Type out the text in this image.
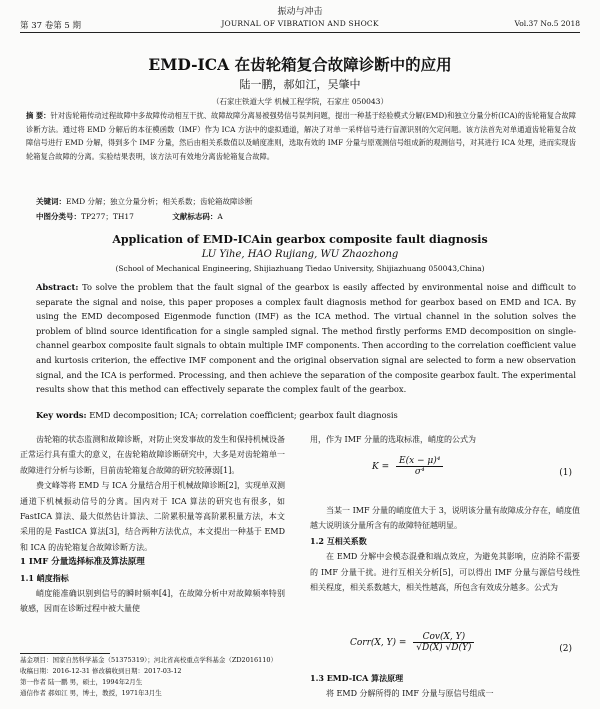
振动与冲击
第 37 卷第 5 期	JOURNAL OF VIBRATION AND SHOCK	Vol.37 No.5 2018
EMD-ICA 在齿轮箱复合故障诊断中的应用
陆一鹏，郝如江，吴肇中
（石家庄铁道大学 机械工程学院，石家庄 050043）
摘 要：针对齿轮箱传动过程故障中多故障传动相互干扰、故障故障分离易被强势信号误判问题，提出一种基于经验模式分解(EMD)和独立分量分析(ICA)的齿轮箱复合故障诊断方法。通过将 EMD 分解后的本征模函数（IMF）作为 ICA 方法中的虚拟通道，解决了对单一采样信号进行盲源识别的欠定问题。该方法首先对单通道齿轮箱复合故障信号进行 EMD 分解，得到多个 IMF 分量，然后由相关系数值以及峭度准则，选取有效的 IMF 分量与原观测信号组成新的观测信号，对其进行 ICA 处理，进而实现齿轮箱复合故障的分离。实验结果表明，该方法可有效地分离齿轮箱复合故障。
关键词：EMD 分解；独立分量分析；相关系数；齿轮箱故障诊断
中图分类号：TP277；TH17	文献标志码：A
Application of EMD-ICAin gearbox composite fault diagnosis
LU Yihe, HAO Rujiang, WU Zhaozhong
(School of Mechanical Engineering, Shijiazhuang Tiedao University, Shijiazhuang 050043,China)
Abstract: To solve the problem that the fault signal of the gearbox is easily affected by environmental noise and difficult to separate the signal and noise, this paper proposes a complex fault diagnosis method for gearbox based on EMD and ICA. By using the EMD decomposed Eigenmode function (IMF) as the ICA method. The virtual channel in the solution solves the problem of blind source identification for a single sampled signal. The method firstly performs EMD decomposition on single-channel gearbox composite fault signals to obtain multiple IMF components. Then according to the correlation coefficient value and kurtosis criterion, the effective IMF component and the original observation signal are selected to form a new observation signal, and the ICA is performed. Processing, and then achieve the separation of the composite gearbox fault. The experimental results show that this method can effectively separate the complex fault of the gearbox.
Key words: EMD decomposition; ICA; correlation coefficient; gearbox fault diagnosis

齿轮箱的状态监测和故障诊断，对防止突发事故的发生和保持机械设备正常运行具有重大的意义，在齿轮箱故障诊断研究中，大多是对齿轮箱单一故障进行分析与诊断，目前齿轮箱复合故障的研究较薄弱[1]。

费文峰等将 EMD 与 ICA 分量结合用于机械故障诊断[2]，实现单双测通道下机械振动信号的分离。国内对于 ICA 算法的研究也有很多，如 FastICA 算法、最大似然估计算法、二阶累积量等高阶累积量方法，本文采用的是 FastICA 算法[3]，结合两种方法优点，本文提出一种基于 EMD 和 ICA 的齿轮箱复合故障诊断方法。

1 IMF 分量选择标准及算法原理
1.1 峭度指标

峭度能准确识别到信号的瞬时频率[4]，在故障分析中对故障频率特别敏感，因而在诊断过程中被大量使

用，作为 IMF 分量的选取标准，峭度的公式为

$K = \frac{\text{E(x − μ)⁴}}{\text{σ⁴}}$	(1)

当某一 IMF 分量的峭度值大于 3，说明该分量有故障成分存在，峭度值越大说明该分量所含有的故障特征越明显。

1.2 互相关系数

在 EMD 分解中会模态混叠和端点效应，为避免其影响，应消除不需要的 IMF 分量干扰。进行互相关分析[5]，可以得出 IMF 分量与源信号线性相关程度，相关系数越大，相关性越高，所包含有效成分越多。公式为

Corr(X, $Y) = \frac{\text{Cov(X, Y)}}{√D(X) √D(Y)}$	(2)
1.3 EMD-ICA 算法原理

将 EMD 分解所得的 IMF 分量与原信号组成一

基金项目：国家自然科学基金（51375319）；河北省高校重点学科基金（ZD2016110）
收稿日期：2016-12-31 修改稿收到日期：2017-03-12
第一作者 陆一鹏 男，硕士，1994年2月生
通信作者 郝如江 男，博士，教授，1971年3月生
